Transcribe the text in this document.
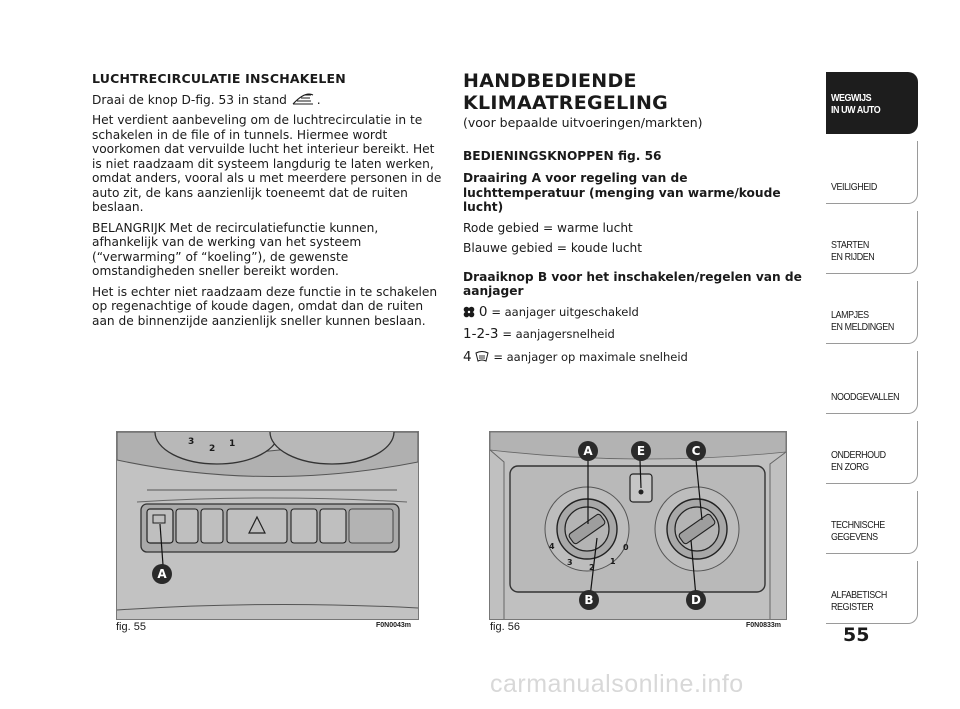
LUCHTRECIRCULATIE INSCHAKELEN

Draai de knop D-fig. 53 in stand .

Het verdient aanbeveling om de luchtrecirculatie in te schakelen in de file of in tunnels. Hiermee wordt voorkomen dat vervuilde lucht het interieur bereikt. Het is niet raadzaam dit systeem langdurig te laten werken, omdat anders, vooral als u met meerdere personen in de auto zit, de kans aanzienlijk toeneemt dat de ruiten beslaan.

BELANGRIJK Met de recirculatiefunctie kunnen, afhankelijk van de werking van het systeem (“verwarming” of “koeling”), de gewenste omstandigheden sneller bereikt worden.

Het is echter niet raadzaam deze functie in te schakelen op regenachtige of koude dagen, omdat dan de ruiten aan de binnenzijde aanzienlijk sneller kunnen beslaan.

HANDBEDIENDE KLIMAATREGELING
(voor bepaalde uitvoeringen/markten)
BEDIENINGSKNOPPEN fig. 56
Draairing A voor regeling van de luchttemperatuur (menging van warme/koude lucht)

Rode gebied = warme lucht

Blauwe gebied = koude lucht

Draaiknop B voor het inschakelen/regelen van de aanjager
0 = aanjager uitgeschakeld
1-2-3 = aanjagersnelheid
4 = aanjager op maximale snelheid
3
2 1
A
fig. 55	F0N0043m
4
3
2
1
0
A	E	C
B	D
fig. 56	F0N0833m
WEGWIJS
IN UW AUTO
VEILIGHEID
STARTEN
EN RIJDEN
LAMPJES
EN MELDINGEN
NOODGEVALLEN
ONDERHOUD
EN ZORG
TECHNISCHE
GEGEVENS
ALFABETISCH
REGISTER
55
carmanualsonline.info
